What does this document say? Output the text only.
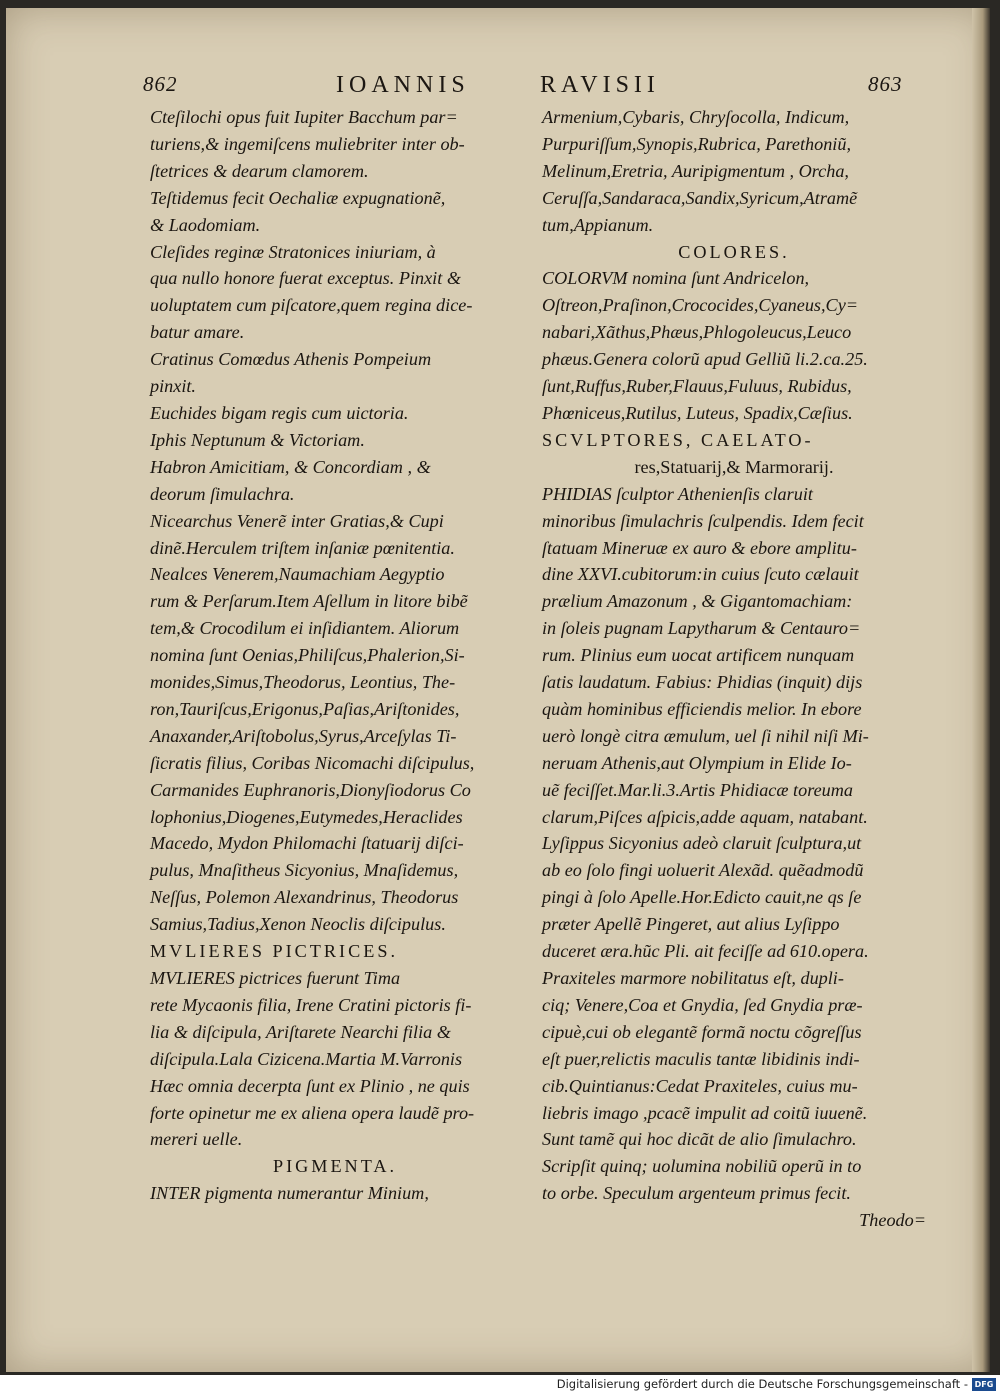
862	IOANNIS	RAVISII	863
Cteſilochi opus fuit Iupiter Bacchum par=
turiens,& ingemiſcens muliebriter inter ob-
ſtetrices & dearum clamorem.
Teſtidemus fecit Oechaliæ expugnationẽ,
& Laodomiam.
Cleſides reginæ Stratonices iniuriam, à
qua nullo honore fuerat exceptus. Pinxit &
uoluptatem cum piſcatore,quem regina dice-
batur amare.
Cratinus Comœdus Athenis Pompeium
pinxit.
Euchides bigam regis cum uictoria.
Iphis Neptunum & Victoriam.
Habron Amicitiam, & Concordiam , &
deorum ſimulachra.
Nicearchus Venerẽ inter Gratias,& Cupi
dinẽ.Herculem triſtem inſaniæ pœnitentia.
Nealces Venerem,Naumachiam Aegyptio
rum & Perſarum.Item Aſellum in litore bibẽ
tem,& Crocodilum ei inſidiantem. Aliorum
nomina ſunt Oenias,Philiſcus,Phalerion,Si-
monides,Simus,Theodorus, Leontius, The-
ron,Tauriſcus,Erigonus,Paſias,Ariſtonides,
Anaxander,Ariſtobolus,Syrus,Arceſylas Ti-
ſicratis filius, Coribas Nicomachi diſcipulus,
Carmanides Euphranoris,Dionyſiodorus Co
lophonius,Diogenes,Eutymedes,Heraclides
Macedo, Mydon Philomachi ſtatuarij diſci-
pulus, Mnaſitheus Sicyonius, Mnaſidemus,
Neſſus, Polemon Alexandrinus, Theodorus
Samius,Tadius,Xenon Neoclis diſcipulus.
MVLIERES PICTRICES.
MVLIERES pictrices fuerunt Tima
rete Mycaonis filia, Irene Cratini pictoris fi-
lia & diſcipula, Ariſtarete Nearchi filia &
diſcipula.Lala Cizicena.Martia M.Varronis
Hæc omnia decerpta ſunt ex Plinio , ne quis
forte opinetur me ex aliena opera laudẽ pro-
mereri uelle.
PIGMENTA.
INTER pigmenta numerantur Minium,
Armenium,Cybaris, Chryſocolla, Indicum,
Purpuriſſum,Synopis,Rubrica, Parethoniũ,
Melinum,Eretria, Auripigmentum , Orcha,
Ceruſſa,Sandaraca,Sandix,Syricum,Atramẽ
tum,Appianum.
COLORES.
COLORVM nomina ſunt Andricelon,
Oſtreon,Praſinon,Crococides,Cyaneus,Cy=
nabari,Xãthus,Phæus,Phlogoleucus,Leuco
phæus.Genera colorũ apud Gelliũ li.2.ca.25.
ſunt,Ruffus,Ruber,Flauus,Fuluus, Rubidus,
Phœniceus,Rutilus, Luteus, Spadix,Cæſius.
SCVLPTORES, CAELATO-
res,Statuarij,& Marmorarij.
PHIDIAS ſculptor Athenienſis claruit
minoribus ſimulachris ſculpendis. Idem fecit
ſtatuam Mineruæ ex auro & ebore amplitu-
dine XXVI.cubitorum:in cuius ſcuto cælauit
prælium Amazonum , & Gigantomachiam:
in ſoleis pugnam Lapytharum & Centauro=
rum. Plinius eum uocat artificem nunquam
ſatis laudatum. Fabius: Phidias (inquit) dijs
quàm hominibus efficiendis melior. In ebore
uerò longè citra æmulum, uel ſi nihil niſi Mi-
neruam Athenis,aut Olympium in Elide Io-
uẽ feciſſet.Mar.li.3.Artis Phidiacæ toreuma
clarum,Piſces aſpicis,adde aquam, natabant.
Lyſippus Sicyonius adeò claruit ſculptura,ut
ab eo ſolo fingi uoluerit Alexãd. quẽadmodũ
pingi à ſolo Apelle.Hor.Edicto cauit,ne qs ſe
præter Apellẽ Pingeret, aut alius Lyſippo
duceret æra.hũc Pli. ait feciſſe ad 610.opera.
Praxiteles marmore nobilitatus eſt, dupli-
ciq; Venere,Coa et Gnydia, ſed Gnydia præ-
cipuè,cui ob elegantẽ formã noctu cõgreſſus
eſt puer,relictis maculis tantæ libidinis indi-
cib.Quintianus:Cedat Praxiteles, cuius mu-
liebris imago ,pcacẽ impulit ad coitũ iuuenẽ.
Sunt tamẽ qui hoc dicãt de alio ſimulachro.
Scripſit quinq; uolumina nobiliũ operũ in to
to orbe. Speculum argenteum primus fecit.
Theodo=
Digitalisierung gefördert durch die Deutsche Forschungsgemeinschaft - DFG
